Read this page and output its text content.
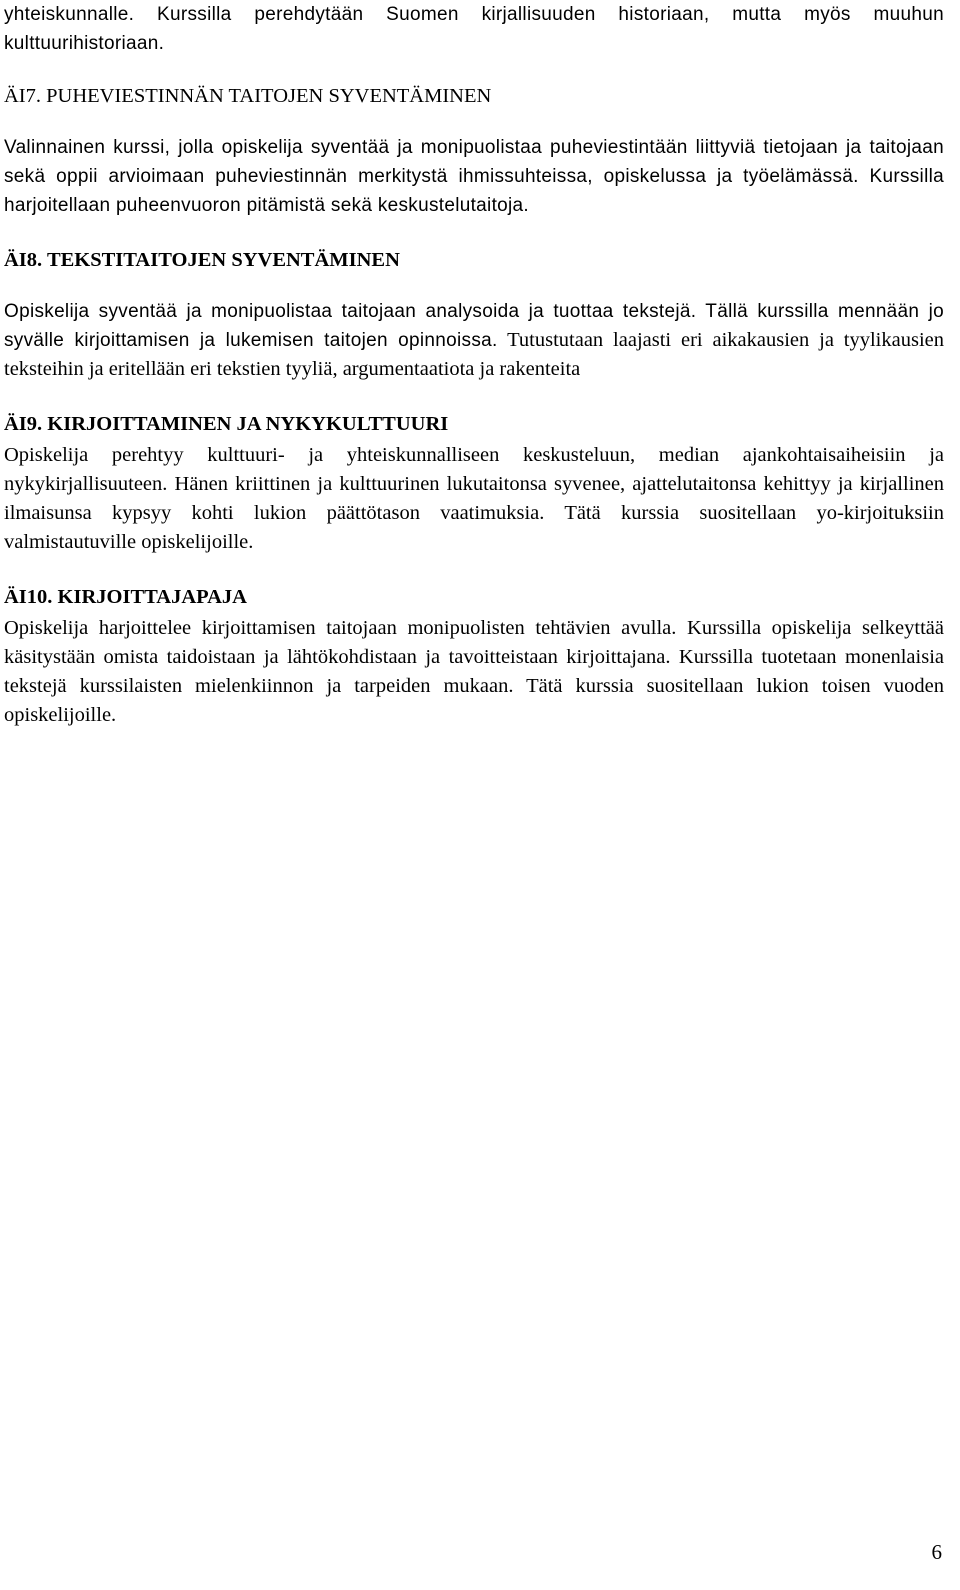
yhteiskunnalle. Kurssilla perehdytään Suomen kirjallisuuden historiaan, mutta myös muuhun kulttuurihistoriaan.

ÄI7. PUHEVIESTINNÄN TAITOJEN SYVENTÄMINEN

Valinnainen kurssi, jolla opiskelija syventää ja monipuolistaa puheviestintään liittyviä tietojaan ja taitojaan sekä oppii arvioimaan puheviestinnän merkitystä ihmissuhteissa, opiskelussa ja työelämässä. Kurssilla harjoitellaan puheenvuoron pitämistä sekä keskustelutaitoja.

ÄI8. TEKSTITAITOJEN SYVENTÄMINEN

Opiskelija syventää ja monipuolistaa taitojaan analysoida ja tuottaa tekstejä. Tällä kurssilla mennään jo syvälle kirjoittamisen ja lukemisen taitojen opinnoissa. Tutustutaan laajasti eri aikakausien ja tyylikausien teksteihin ja eritellään eri tekstien tyyliä, argumentaatiota ja rakenteita

ÄI9. KIRJOITTAMINEN JA NYKYKULTTUURI

Opiskelija perehtyy kulttuuri- ja yhteiskunnalliseen keskusteluun, median ajankohtaisaiheisiin ja nykykirjallisuuteen. Hänen kriittinen ja kulttuurinen lukutaitonsa syvenee, ajattelutaitonsa kehittyy ja kirjallinen ilmaisunsa kypsyy kohti lukion päättötason vaatimuksia. Tätä kurssia suositellaan yo-kirjoituksiin valmistautuville opiskelijoille.

ÄI10. KIRJOITTAJAPAJA

Opiskelija harjoittelee kirjoittamisen taitojaan monipuolisten tehtävien avulla. Kurssilla opiskelija selkeyttää käsitystään omista taidoistaan ja lähtökohdistaan ja tavoitteistaan kirjoittajana. Kurssilla tuotetaan monenlaisia tekstejä kurssilaisten mielenkiinnon ja tarpeiden mukaan. Tätä kurssia suositellaan lukion toisen vuoden opiskelijoille.

6
